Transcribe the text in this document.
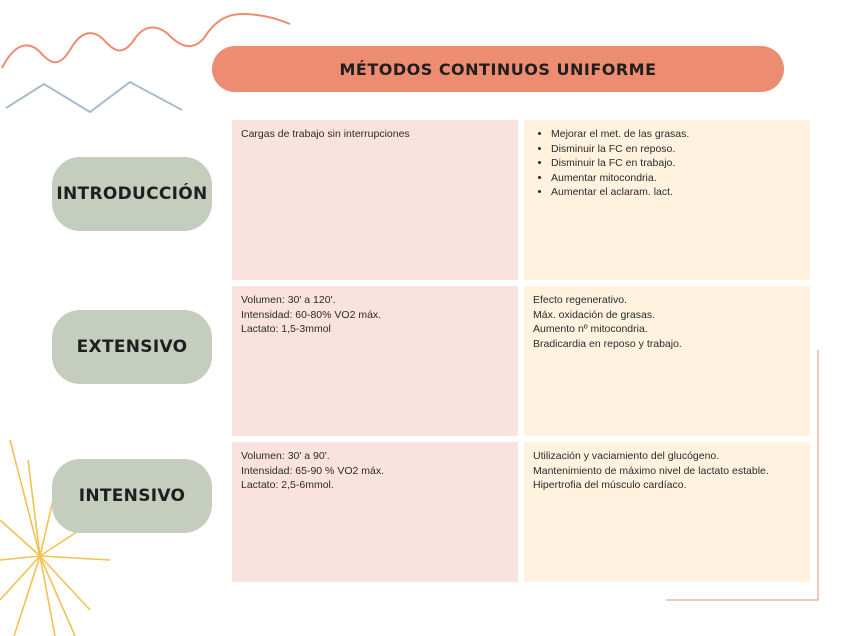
MÉTODOS CONTINUOS UNIFORME
INTRODUCCIÓN
EXTENSIVO
INTENSIVO

Cargas de trabajo sin interrupciones

•	Mejorar el met. de las grasas.
• Disminuir la FC en reposo.
• Disminuir la FC en trabajo.
• Aumentar mitocondria.
• Aumentar el aclaram. lact.

Volumen: 30' a 120'.

Intensidad: 60-80% VO2 máx.

Lactato: 1,5-3mmol

Efecto regenerativo.

Máx. oxidación de grasas.

Aumento nº mitocondria.

Bradicardia en reposo y trabajo.

Volumen: 30' a 90'.

Intensidad: 65-90 % VO2 máx.

Lactato: 2,5-6mmol.

Utilización y vaciamiento del glucógeno.

Mantenimiento de máximo nivel de lactato estable.

Hipertrofia del músculo cardíaco.
